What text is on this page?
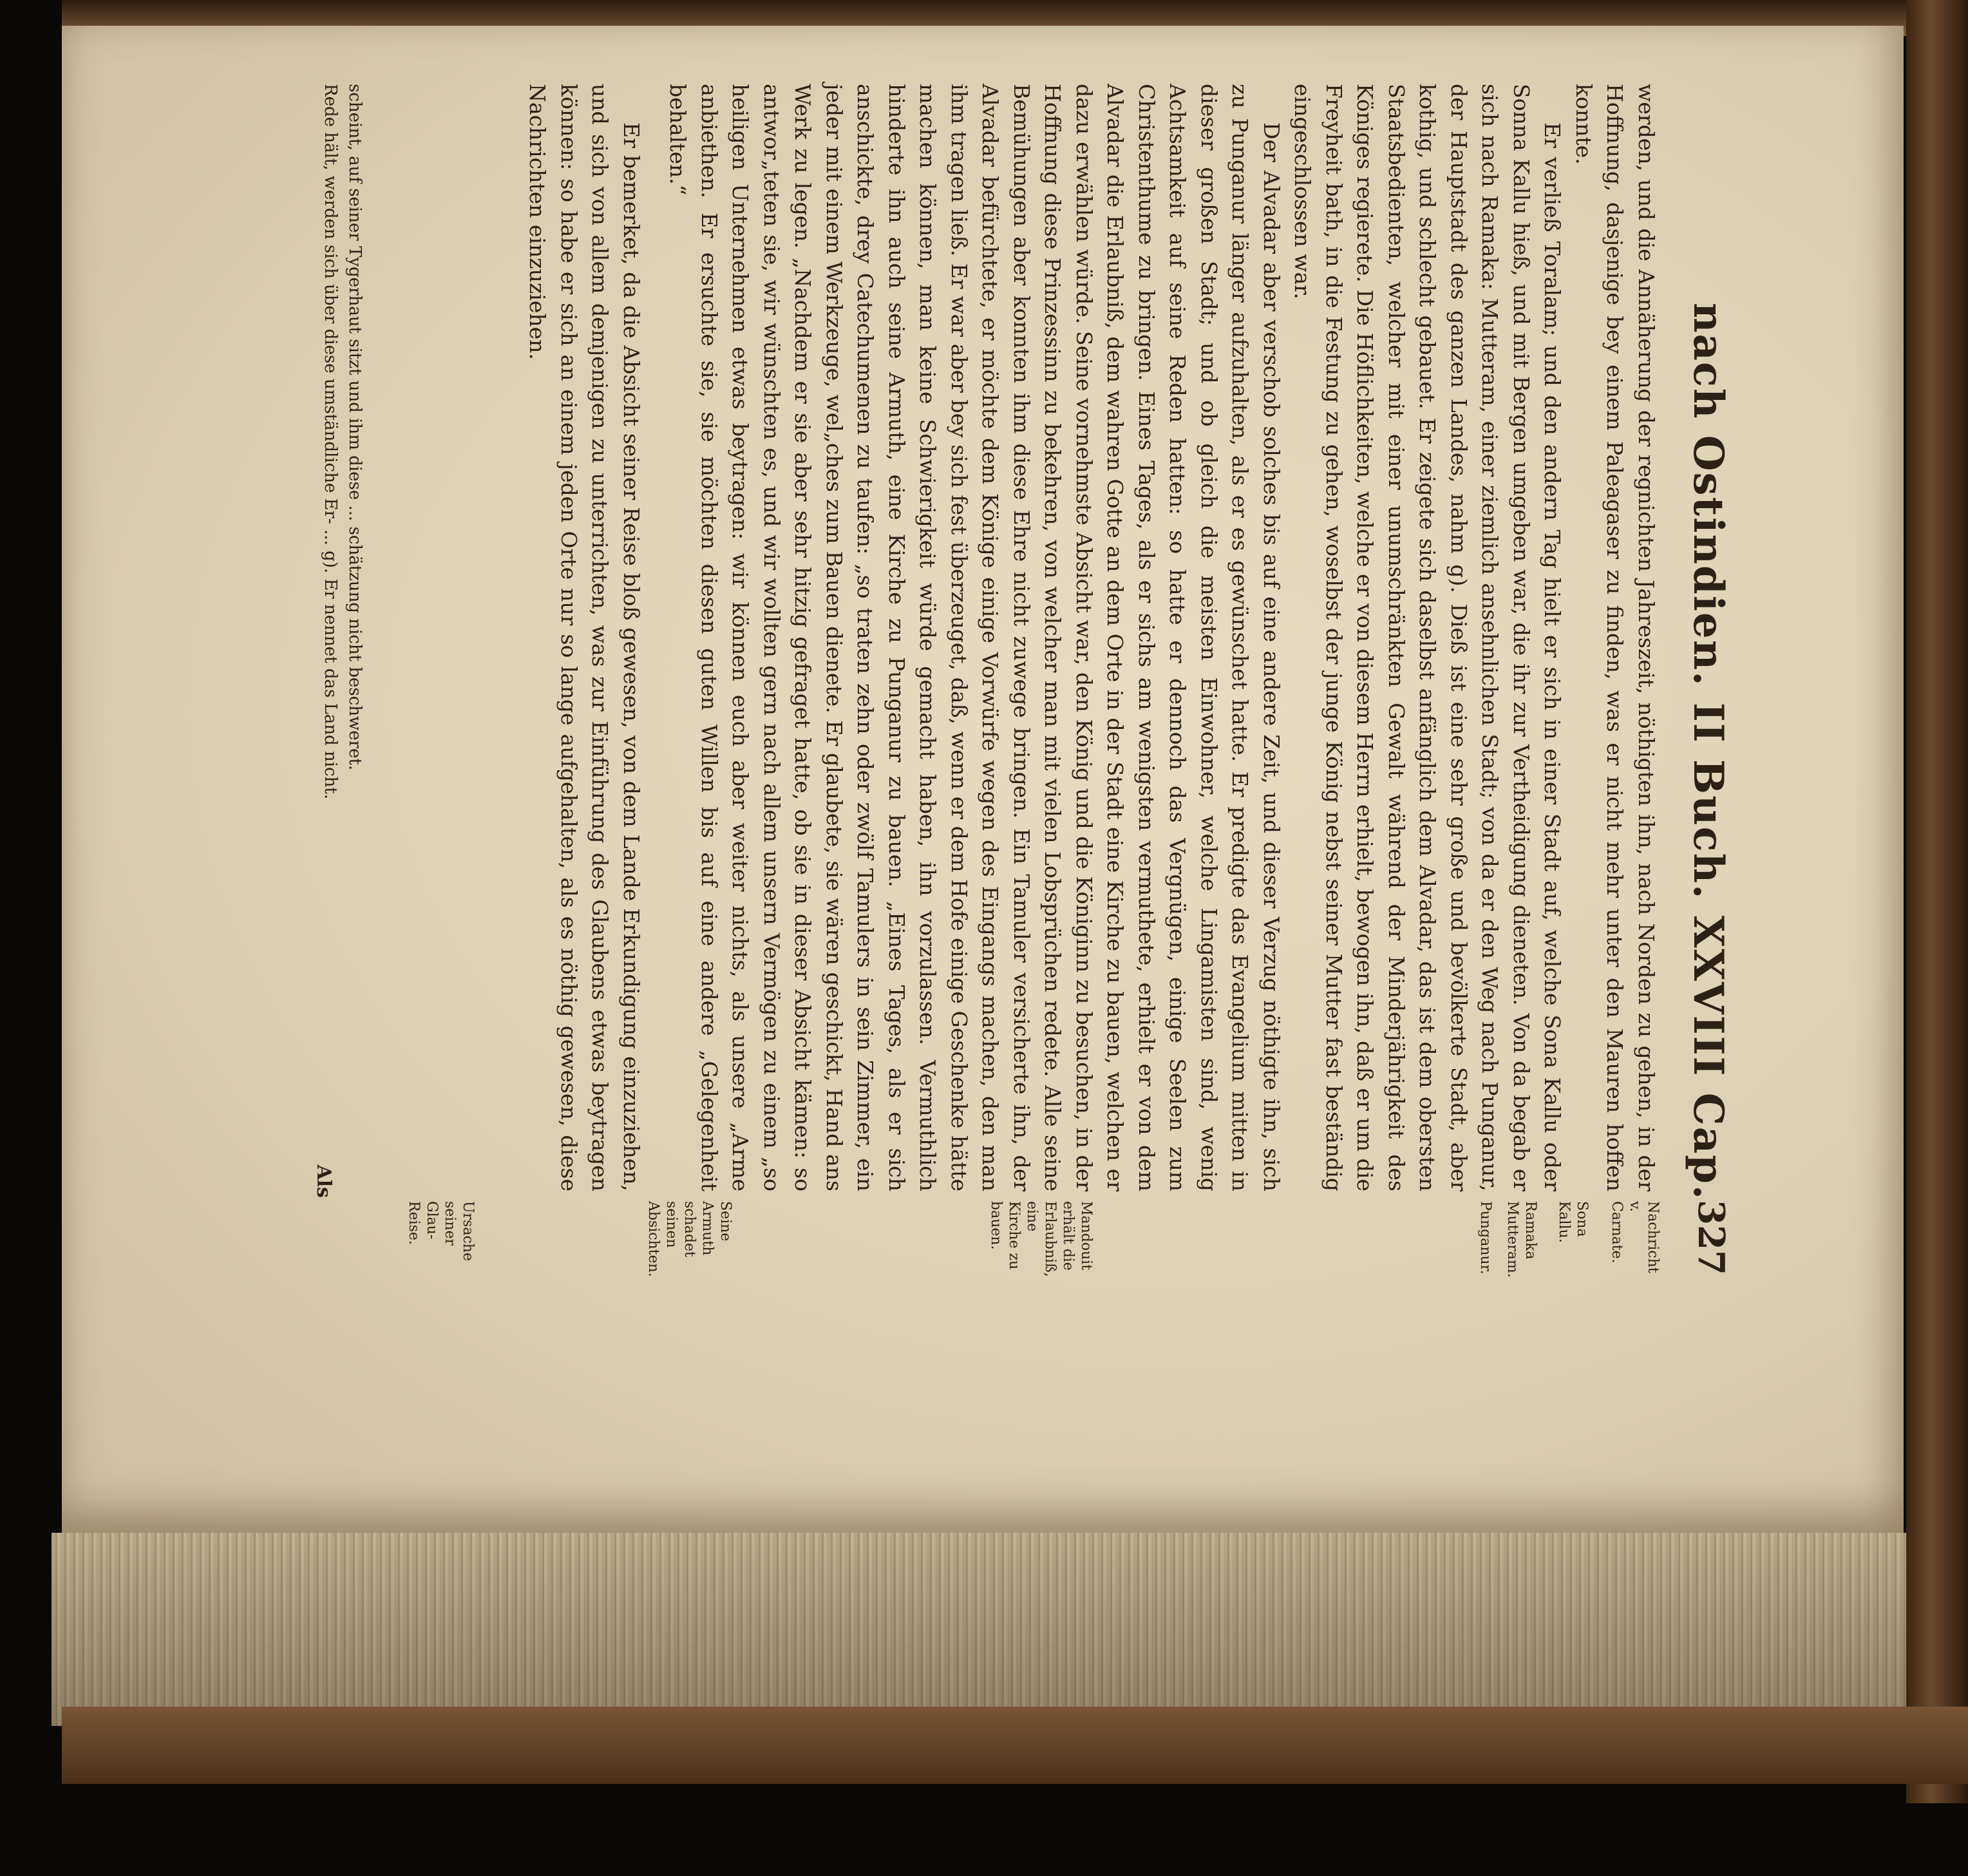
nach Ostindien. II Buch. XXVIII Cap.
327

werden, und die Annäherung der regnichten Jahreszeit, nöthigten ihn, nach Norden zu gehen, in der Hoffnung, dasjenige bey einem Paleagaser zu finden, was er nicht mehr unter den Mauren hoffen konnte.

Er verließ Toralam; und den andern Tag hielt er sich in einer Stadt auf, welche Sona Kallu oder Sonna Kallu hieß, und mit Bergen umgeben war, die ihr zur Vertheidigung dieneten. Von da begab er sich nach Ramaka: Mutteram, einer ziemlich ansehnlichen Stadt; von da er den Weg nach Punganur, der Hauptstadt des ganzen Landes, nahm g). Dieß ist eine sehr große und bevölkerte Stadt, aber kothig, und schlecht gebauet. Er zeigete sich daselbst anfänglich dem Alvadar, das ist dem obersten Staatsbedienten, welcher mit einer unumschränkten Gewalt während der Minderjährigkeit des Königes regierete. Die Höflichkeiten, welche er von diesem Herrn erhielt, bewogen ihn, daß er um die Freyheit bath, in die Festung zu gehen, woselbst der junge König nebst seiner Mutter fast beständig eingeschlossen war.

Der Alvadar aber verschob solches bis auf eine andere Zeit, und dieser Verzug nöthigte ihn, sich zu Punganur länger aufzuhalten, als er es gewünschet hatte. Er predigte das Evangelium mitten in dieser großen Stadt; und ob gleich die meisten Einwohner, welche Lingamisten sind, wenig Achtsamkeit auf seine Reden hatten: so hatte er dennoch das Vergnügen, einige Seelen zum Christenthume zu bringen. Eines Tages, als er sichs am wenigsten vermuthete, erhielt er von dem Alvadar die Erlaubniß, dem wahren Gotte an dem Orte in der Stadt eine Kirche zu bauen, welchen er dazu erwählen würde. Seine vornehmste Absicht war, den König und die Königinn zu besuchen, in der Hoffnung diese Prinzessinn zu bekehren, von welcher man mit vielen Lobsprüchen redete. Alle seine Bemühungen aber konnten ihm diese Ehre nicht zuwege bringen. Ein Tamuler versicherte ihn, der Alvadar befürchtete, er möchte dem Könige einige Vorwürfe wegen des Eingangs machen, den man ihm tragen ließ. Er war aber bey sich fest überzeuget, daß, wenn er dem Hofe einige Geschenke hätte machen können, man keine Schwierigkeit würde gemacht haben, ihn vorzulassen. Vermuthlich hinderte ihn auch seine Armuth, eine Kirche zu Punganur zu bauen. „Eines Tages, als er sich anschickte, drey Catechumenen zu taufen: „so traten zehn oder zwölf Tamulers in sein Zimmer, ein jeder mit einem Werkzeuge, wel„ches zum Bauen dienete. Er glaubete, sie wären geschickt, Hand ans Werk zu legen. „Nachdem er sie aber sehr hitzig gefraget hatte, ob sie in dieser Absicht kämen: so antwor„teten sie, wir wünschten es, und wir wollten gern nach allem unsern Vermögen zu einem „so heiligen Unternehmen etwas beytragen: wir können euch aber weiter nichts, als unsere „Arme anbiethen. Er ersuchte sie, sie möchten diesen guten Willen bis auf eine andere „Gelegenheit behalten.“

Er bemerket, da die Absicht seiner Reise bloß gewesen, von dem Lande Erkundigung einzuziehen, und sich von allem demjenigen zu unterrichten, was zur Einführung des Glaubens etwas beytragen können: so habe er sich an einem jeden Orte nur so lange aufgehalten, als es nöthig gewesen, diese Nachrichten einzuziehen.

Nachricht v. Carnate.
Sona Kallu.
Ramaka Mutteram.
Punganur.
Mandouit erhält die Erlaubniß, eine Kirche zu bauen.
Seine Armuth schadet seinen Absichten.
Ursache seiner Glau-Reise.
scheint, auf seiner Tygerhaut sitzt und ihm diese ... schätzung nicht beschweret.
Rede hält, werden sich über diese umständliche Er- ... g). Er nennet das Land nicht.
Als
